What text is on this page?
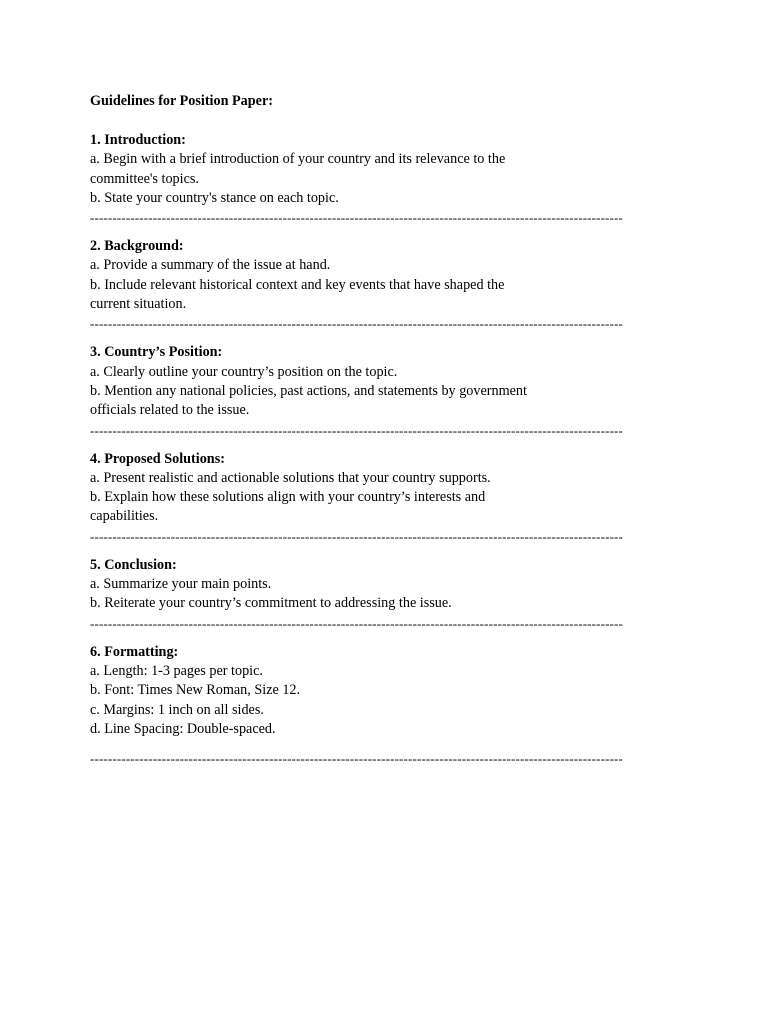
Guidelines for Position Paper:

1. Introduction:

a. Begin with a brief introduction of your country and its relevance to the

committee's topics.

b. State your country's stance on each topic.

-----------------------------------------------------------------------------------------------------------------------

2. Background:

a. Provide a summary of the issue at hand.

b. Include relevant historical context and key events that have shaped the

current situation.

-----------------------------------------------------------------------------------------------------------------------

3. Country’s Position:

a. Clearly outline your country’s position on the topic.

b. Mention any national policies, past actions, and statements by government

officials related to the issue.

-----------------------------------------------------------------------------------------------------------------------

4. Proposed Solutions:

a. Present realistic and actionable solutions that your country supports.

b. Explain how these solutions align with your country’s interests and

capabilities.

-----------------------------------------------------------------------------------------------------------------------

5. Conclusion:

a. Summarize your main points.

b. Reiterate your country’s commitment to addressing the issue.

-----------------------------------------------------------------------------------------------------------------------

6. Formatting:

a. Length: 1-3 pages per topic.

b. Font: Times New Roman, Size 12.

c. Margins: 1 inch on all sides.

d. Line Spacing: Double-spaced.

-----------------------------------------------------------------------------------------------------------------------
